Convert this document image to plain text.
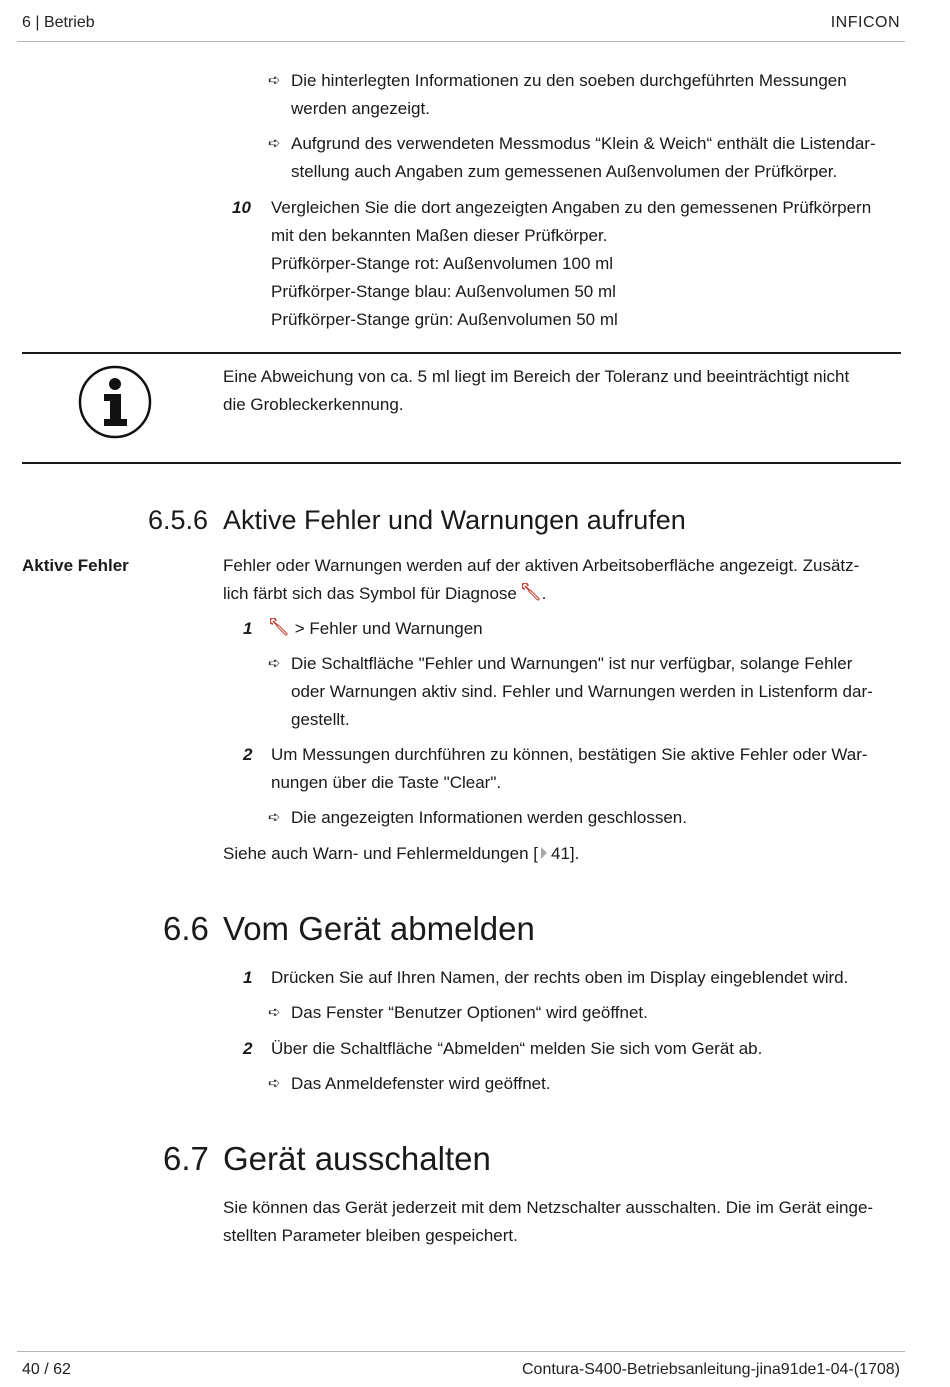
6 | Betrieb	INFICON
➪ Die hinterlegten Informationen zu den soeben durchgeführten Messungen
werden angezeigt.
➪ Aufgrund des verwendeten Messmodus “Klein & Weich“ enthält die Listendar-
stellung auch Angaben zum gemessenen Außenvolumen der Prüfkörper.
10 Vergleichen Sie die dort angezeigten Angaben zu den gemessenen Prüfkörpern
mit den bekannten Maßen dieser Prüfkörper.
Prüfkörper-Stange rot: Außenvolumen 100 ml
Prüfkörper-Stange blau: Außenvolumen 50 ml
Prüfkörper-Stange grün: Außenvolumen 50 ml
Eine Abweichung von ca. 5 ml liegt im Bereich der Toleranz und beeinträchtigt nicht
die Grobleckerkennung.
6.5.6 Aktive Fehler und Warnungen aufrufen
Aktive Fehler	Fehler oder Warnungen werden auf der aktiven Arbeitsoberfläche angezeigt. Zusätz-
lich färbt sich das Symbol für Diagnose .
1	> Fehler und Warnungen
➪ Die Schaltfläche "Fehler und Warnungen" ist nur verfügbar, solange Fehler
oder Warnungen aktiv sind. Fehler und Warnungen werden in Listenform dar-
gestellt.
2 Um Messungen durchführen zu können, bestätigen Sie aktive Fehler oder War-
nungen über die Taste "Clear".
➪ Die angezeigten Informationen werden geschlossen.
Siehe auch Warn- und Fehlermeldungen [ 41].
6.6 Vom Gerät abmelden
1 Drücken Sie auf Ihren Namen, der rechts oben im Display eingeblendet wird.
➪ Das Fenster “Benutzer Optionen“ wird geöffnet.
2 Über die Schaltfläche “Abmelden“ melden Sie sich vom Gerät ab.
➪ Das Anmeldefenster wird geöffnet.
6.7 Gerät ausschalten
Sie können das Gerät jederzeit mit dem Netzschalter ausschalten. Die im Gerät einge-
stellten Parameter bleiben gespeichert.
40 / 62	Contura-S400-Betriebsanleitung-jina91de1-04-(1708)
